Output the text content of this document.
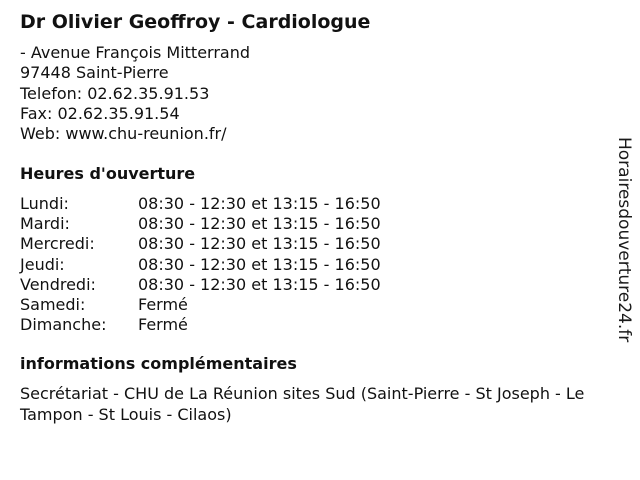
Dr Olivier Geoffroy - Cardiologue
- Avenue François Mitterrand
97448 Saint-Pierre
Telefon: 02.62.35.91.53
Fax: 02.62.35.91.54
Web: www.chu-reunion.fr/
Heures d'ouverture
Lundi:	08:30 - 12:30 et 13:15 - 16:50
Mardi:	08:30 - 12:30 et 13:15 - 16:50
Mercredi:	08:30 - 12:30 et 13:15 - 16:50
Jeudi:	08:30 - 12:30 et 13:15 - 16:50
Vendredi:	08:30 - 12:30 et 13:15 - 16:50
Samedi:	Fermé
Dimanche:	Fermé
informations complémentaires
Secrétariat - CHU de La Réunion sites Sud (Saint-Pierre - St Joseph - Le Tampon - St Louis - Cilaos)
Horairesdouverture24.fr
